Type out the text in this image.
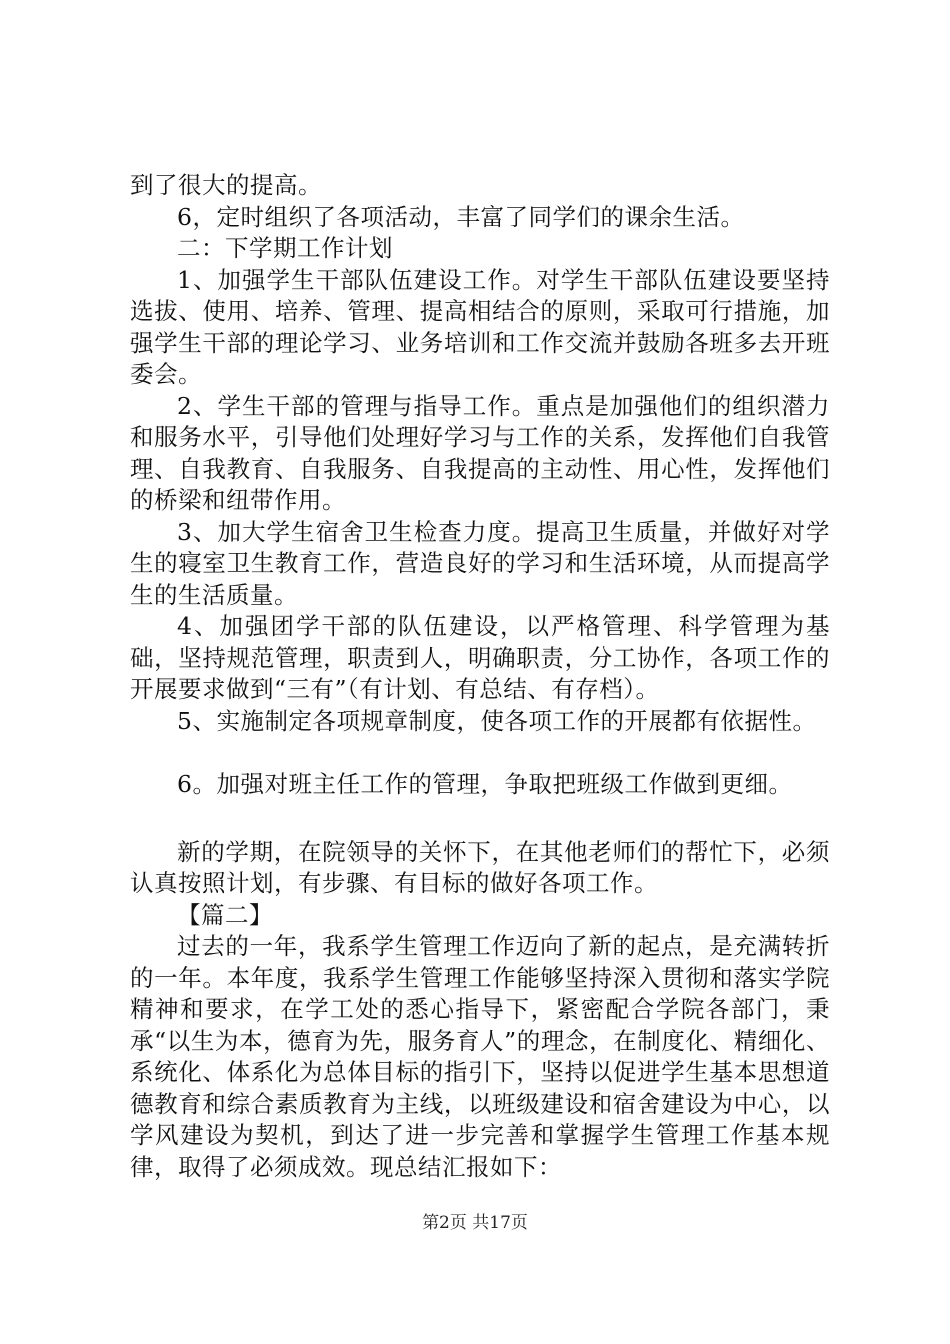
到了很大的提高。

6，定时组织了各项活动，丰富了同学们的课余生活。

二：下学期工作计划

1、加强学生干部队伍建设工作。对学生干部队伍建设要坚持选拔、使用、培养、管理、提高相结合的原则，采取可行措施，加强学生干部的理论学习、业务培训和工作交流并鼓励各班多去开班委会。

2、学生干部的管理与指导工作。重点是加强他们的组织潜力和服务水平，引导他们处理好学习与工作的关系，发挥他们自我管理、自我教育、自我服务、自我提高的主动性、用心性，发挥他们的桥梁和纽带作用。

3、加大学生宿舍卫生检查力度。提高卫生质量，并做好对学生的寝室卫生教育工作，营造良好的学习和生活环境，从而提高学生的生活质量。

4、加强团学干部的队伍建设，以严格管理、科学管理为基础，坚持规范管理，职责到人，明确职责，分工协作，各项工作的开展要求做到“三有”（有计划、有总结、有存档）。

5、实施制定各项规章制度，使各项工作的开展都有依据性。

6。加强对班主任工作的管理，争取把班级工作做到更细。

新的学期，在院领导的关怀下，在其他老师们的帮忙下，必须认真按照计划，有步骤、有目标的做好各项工作。

【篇二】

过去的一年，我系学生管理工作迈向了新的起点，是充满转折的一年。本年度，我系学生管理工作能够坚持深入贯彻和落实学院精神和要求，在学工处的悉心指导下，紧密配合学院各部门，秉承“以生为本，德育为先，服务育人”的理念，在制度化、精细化、系统化、体系化为总体目标的指引下，坚持以促进学生基本思想道德教育和综合素质教育为主线，以班级建设和宿舍建设为中心，以学风建设为契机，到达了进一步完善和掌握学生管理工作基本规律，取得了必须成效。现总结汇报如下：

第2页 共17页
